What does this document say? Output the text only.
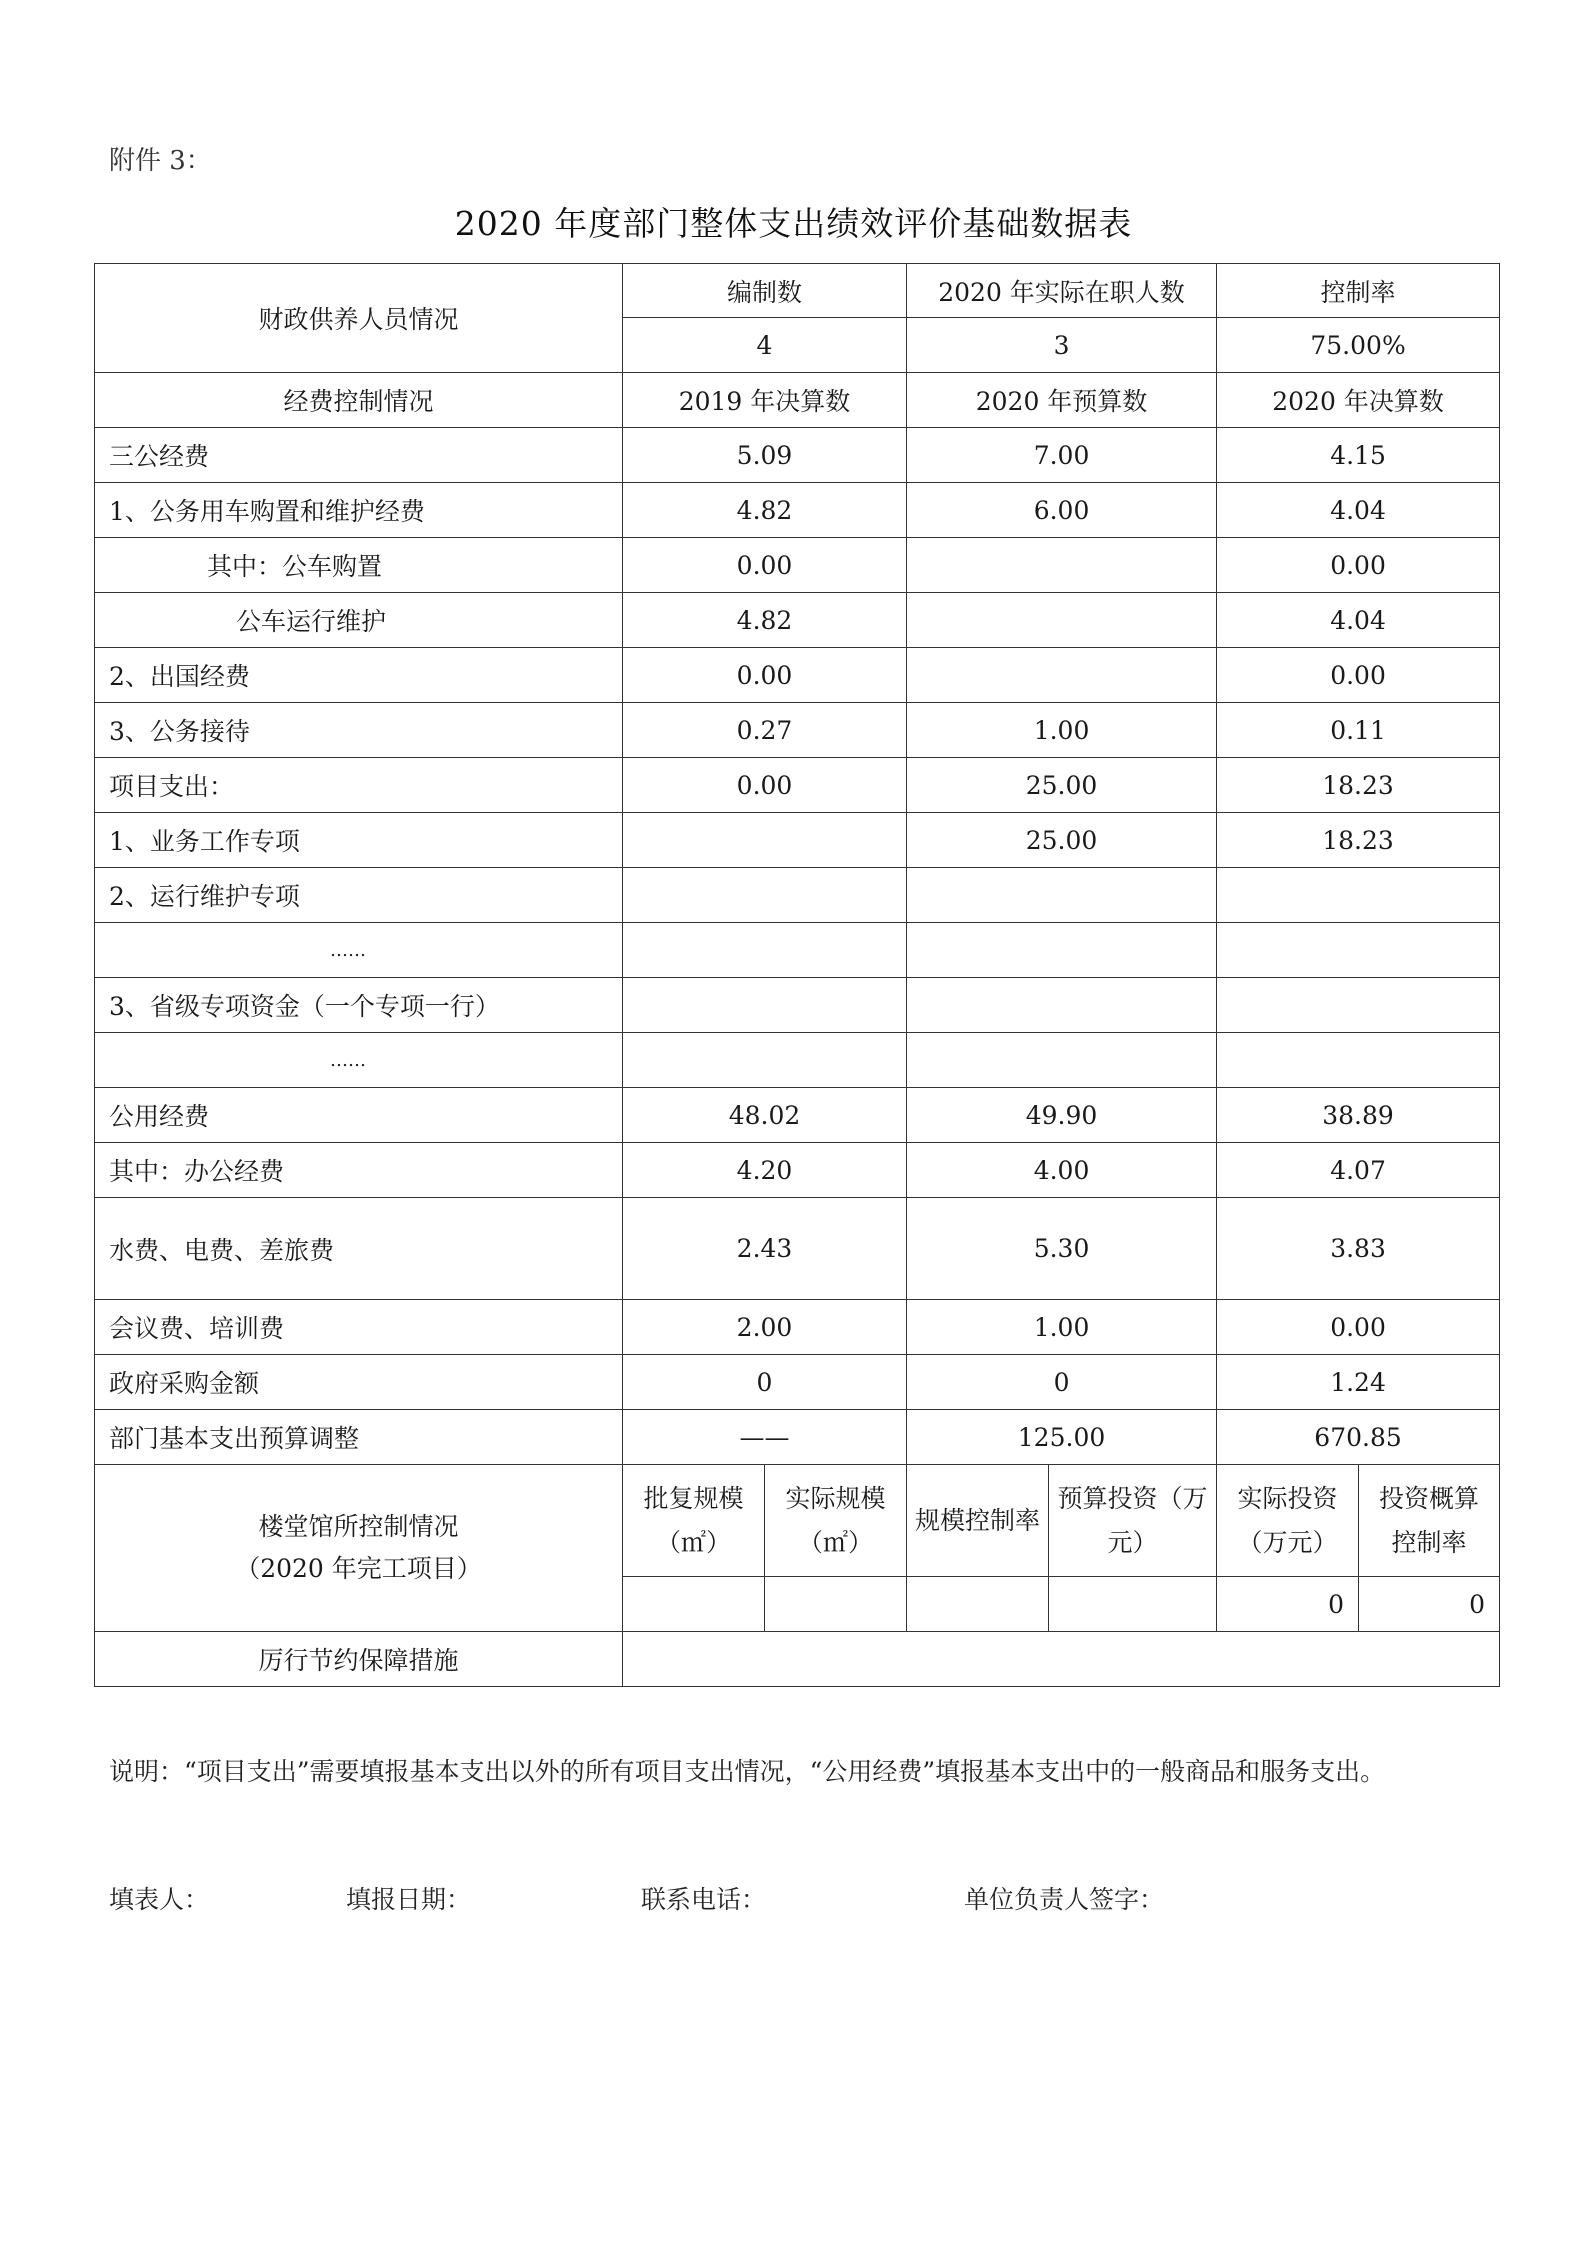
附件 3：
2020 年度部门整体支出绩效评价基础数据表
财政供养人员情况	编制数		2020 年实际在职人数		控制率	
	4		3		75.00%	
经费控制情况	2019 年决算数		2020 年预算数		2020 年决算数	
三公经费	5.09		7.00		4.15	
1、公务用车购置和维护经费	4.82		6.00		4.04	
其中：公车购置	0.00				0.00	
公车运行维护	4.82				4.04	
2、出国经费	0.00				0.00	
3、公务接待	0.27		1.00		0.11	
项目支出：	0.00		25.00		18.23	
1、业务工作专项			25.00		18.23	
2、运行维护专项						
……						
3、省级专项资金（一个专项一行）						
……						
公用经费	48.02		49.90		38.89	
其中：办公经费	4.20		4.00		4.07	
水费、电费、差旅费	2.43		5.30		3.83	
会议费、培训费	2.00		1.00		0.00	
政府采购金额	0		0		1.24	
部门基本支出预算调整	——		125.00		670.85	

楼堂馆所控制情况
（2020 年完工项目）	批复规模（㎡）	实际规模（㎡）	规模控制率	预算投资（万元）	实际投资（万元）	投资概算控制率
					0	0
厉行节约保障措施						
说明：“项目支出”需要填报基本支出以外的所有项目支出情况，“公用经费”填报基本支出中的一般商品和服务支出。
填表人：	填报日期：	联系电话：	单位负责人签字：
